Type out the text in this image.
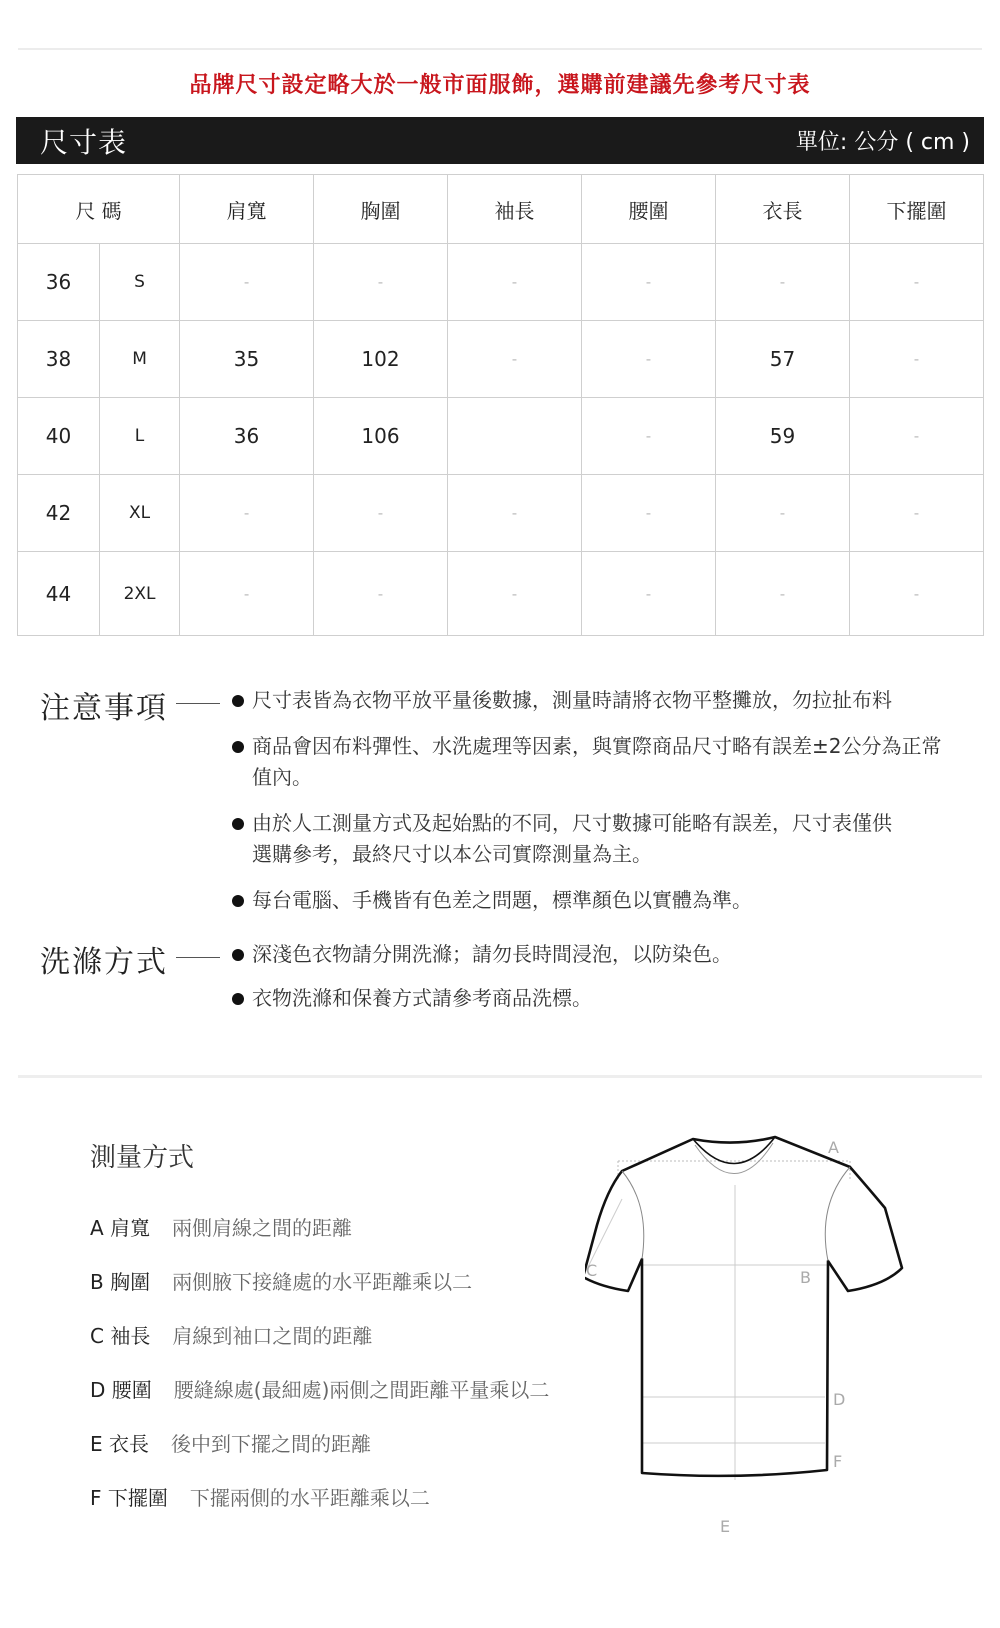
品牌尺寸設定略大於一般市面服飾，選購前建議先參考尺寸表
尺寸表	單位: 公分 ( cm )
尺 碼		肩寬	胸圍	袖長	腰圍	衣長	下擺圍
36	S	-	-	-	-	-	-
38	M	35	102	-	-	57	-
40	L	36	106		-	59	-
42	XL	-	-	-	-	-	-
44	2XL	-	-	-	-	-	-
注意事項	尺寸表皆為衣物平放平量後數據，測量時請將衣物平整攤放，勿拉扯布料
商品會因布料彈性、水洗處理等因素，與實際商品尺寸略有誤差±2公分為正常值內。
由於人工測量方式及起始點的不同，尺寸數據可能略有誤差，尺寸表僅供選購參考，最終尺寸以本公司實際測量為主。
每台電腦、手機皆有色差之問題，標準顏色以實體為準。
洗滌方式	深淺色衣物請分開洗滌；請勿長時間浸泡，以防染色。
衣物洗滌和保養方式請參考商品洗標。
測量方式
A 肩寬 兩側肩線之間的距離
B 胸圍 兩側腋下接縫處的水平距離乘以二
C 袖長 肩線到袖口之間的距離
D 腰圍 腰縫線處(最細處)兩側之間距離平量乘以二
E 衣長 後中到下擺之間的距離
F 下擺圍 下擺兩側的水平距離乘以二
A
E
B
C
D
F
